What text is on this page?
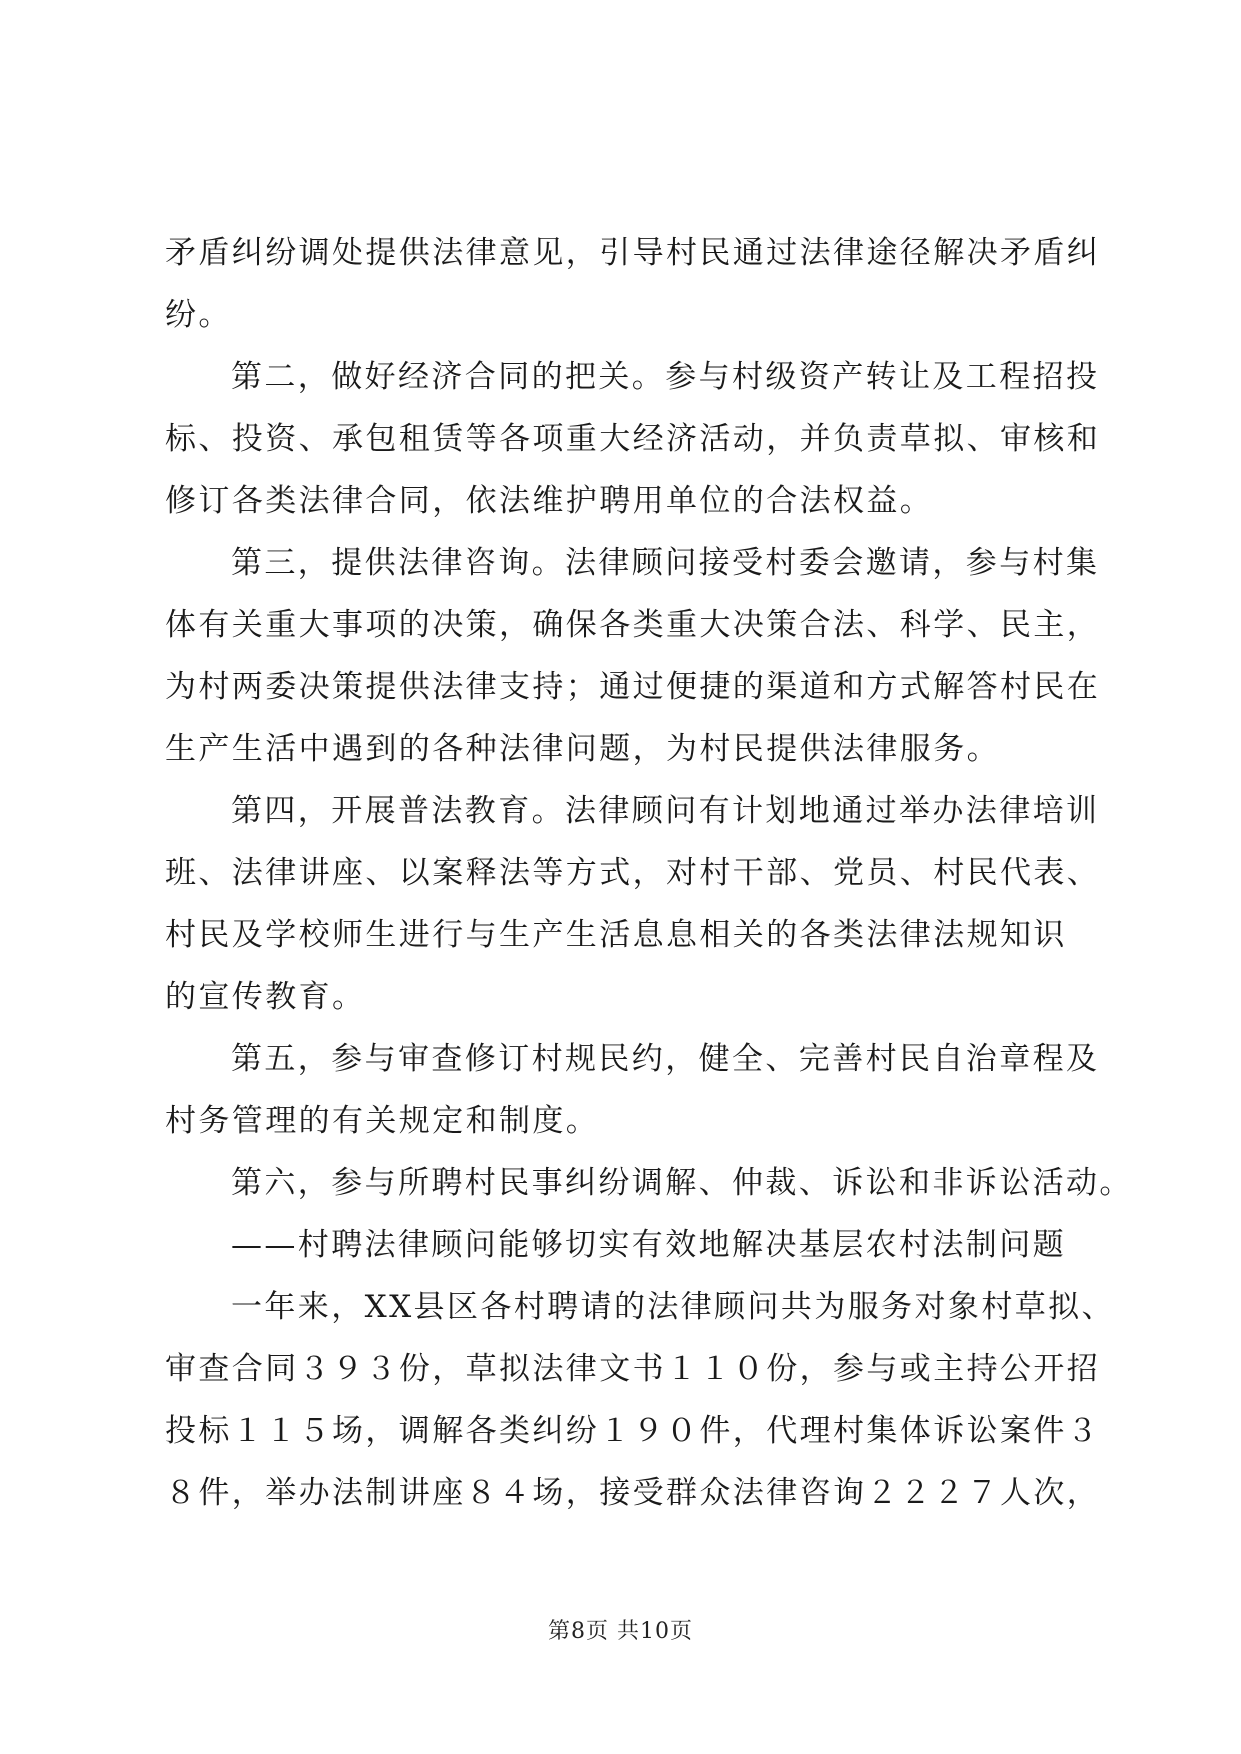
矛盾纠纷调处提供法律意见，引导村民通过法律途径解决矛盾纠
纷。
第二，做好经济合同的把关。参与村级资产转让及工程招投
标、投资、承包租赁等各项重大经济活动，并负责草拟、审核和
修订各类法律合同，依法维护聘用单位的合法权益。
第三，提供法律咨询。法律顾问接受村委会邀请，参与村集
体有关重大事项的决策，确保各类重大决策合法、科学、民主，
为村两委决策提供法律支持；通过便捷的渠道和方式解答村民在
生产生活中遇到的各种法律问题，为村民提供法律服务。
第四，开展普法教育。法律顾问有计划地通过举办法律培训
班、法律讲座、以案释法等方式，对村干部、党员、村民代表、
村民及学校师生进行与生产生活息息相关的各类法律法规知识
的宣传教育。
第五，参与审查修订村规民约，健全、完善村民自治章程及
村务管理的有关规定和制度。
第六，参与所聘村民事纠纷调解、仲裁、诉讼和非诉讼活动。
——村聘法律顾问能够切实有效地解决基层农村法制问题
一年来，XX县区各村聘请的法律顾问共为服务对象村草拟、
审查合同３９３份，草拟法律文书１１０份，参与或主持公开招
投标１１５场，调解各类纠纷１９０件，代理村集体诉讼案件３
８件，举办法制讲座８４场，接受群众法律咨询２２２７人次，
第8页 共10页
